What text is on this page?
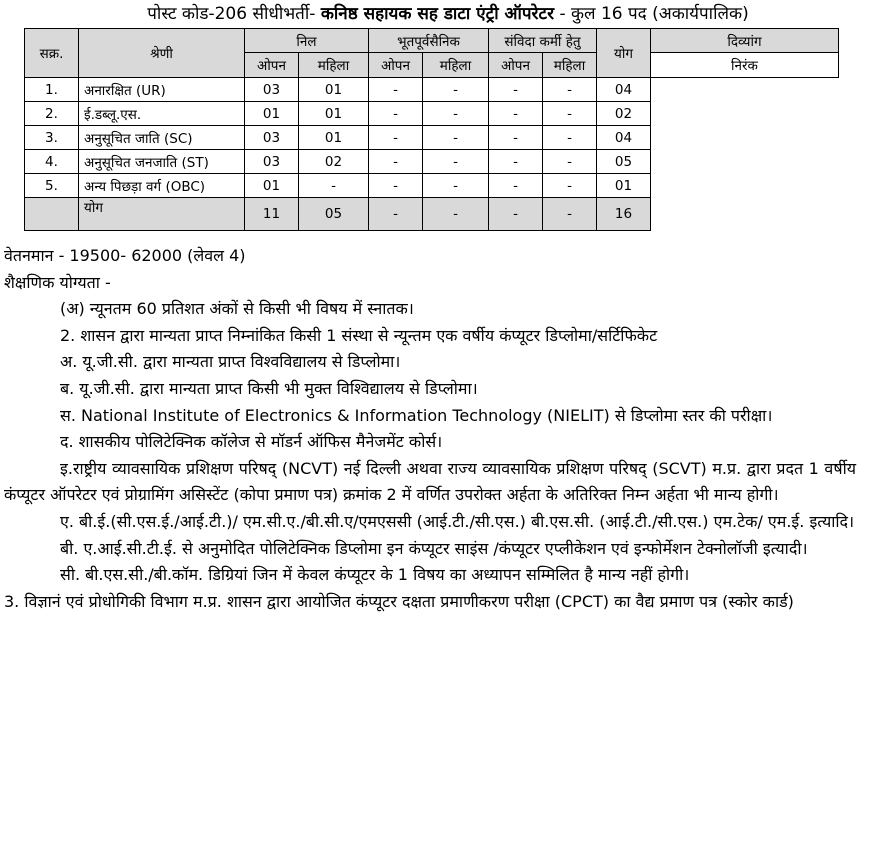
पोस्ट कोड-206 सीधीभर्ती- कनिष्ठ सहायक सह डाटा एंट्री ऑपरेटर - कुल 16 पद (अकार्यपालिक)
सक्र.	श्रेणी	निल		भूतपूर्वसैनिक		संविदा कर्मी हेतु		योग	दिव्यांग
		ओपन	महिला	ओपन	महिला	ओपन	महिला		निरंक
1.	अनारक्षित (UR)	03	01	-	-	-	-	04	
2.	ई.डब्लू.एस.	01	01	-	-	-	-	02	
3.	अनुसूचित जाति (SC)	03	01	-	-	-	-	04	
4.	अनुसूचित जनजाति (ST)	03	02	-	-	-	-	05	
5.	अन्य पिछड़ा वर्ग (OBC)	01	-	-	-	-	-	01	
	योग	11	05	-	-	-	-	16	

वेतनमान - 19500- 62000 (लेवल 4)

शैक्षणिक योग्यता -

(अ) न्यूनतम 60 प्रतिशत अंकों से किसी भी विषय में स्नातक।

2. शासन द्वारा मान्यता प्राप्त निम्नांकित किसी 1 संस्था से न्यून्तम एक वर्षीय कंप्यूटर डिप्लोमा/सर्टिफिकेट

अ. यू.जी.सी. द्वारा मान्यता प्राप्त विश्वविद्यालय से डिप्लोमा।

ब. यू.जी.सी. द्वारा मान्यता प्राप्त किसी भी मुक्त विश्विद्यालय से डिप्लोमा।

स. National Institute of Electronics & Information Technology (NIELIT) से डिप्लोमा स्तर की परीक्षा।

द. शासकीय पोलिटेक्निक कॉलेज से मॉडर्न ऑफिस मैनेजमेंट कोर्स।

इ.राष्ट्रीय व्यावसायिक प्रशिक्षण परिषद् (NCVT) नई दिल्ली अथवा राज्य व्यावसायिक प्रशिक्षण परिषद् (SCVT) म.प्र. द्वारा प्रदत 1 वर्षीय कंप्यूटर ऑपरेटर एवं प्रोग्रामिंग असिस्टेंट (कोपा प्रमाण पत्र) क्रमांक 2 में वर्णित उपरोक्त अर्हता के अतिरिक्त निम्न अर्हता भी मान्य होगी।

ए. बी.ई.(सी.एस.ई./आई.टी.)/ एम.सी.ए./बी.सी.ए/एमएससी (आई.टी./सी.एस.) बी.एस.सी. (आई.टी./सी.एस.) एम.टेक/ एम.ई. इत्यादि।

बी. ए.आई.सी.टी.ई. से अनुमोदित पोलिटेक्निक डिप्लोमा इन कंप्यूटर साइंस /कंप्यूटर एप्लीकेशन एवं इन्फोर्मेशन टेक्नोलॉजी इत्यादी।

सी. बी.एस.सी./बी.कॉम. डिग्रियां जिन में केवल कंप्यूटर के 1 विषय का अध्यापन सम्मिलित है मान्य नहीं होगी।

3. विज्ञानं एवं प्रोधोगिकी विभाग म.प्र. शासन द्वारा आयोजित कंप्यूटर दक्षता प्रमाणीकरण परीक्षा (CPCT) का वैद्य प्रमाण पत्र (स्कोर कार्ड)
